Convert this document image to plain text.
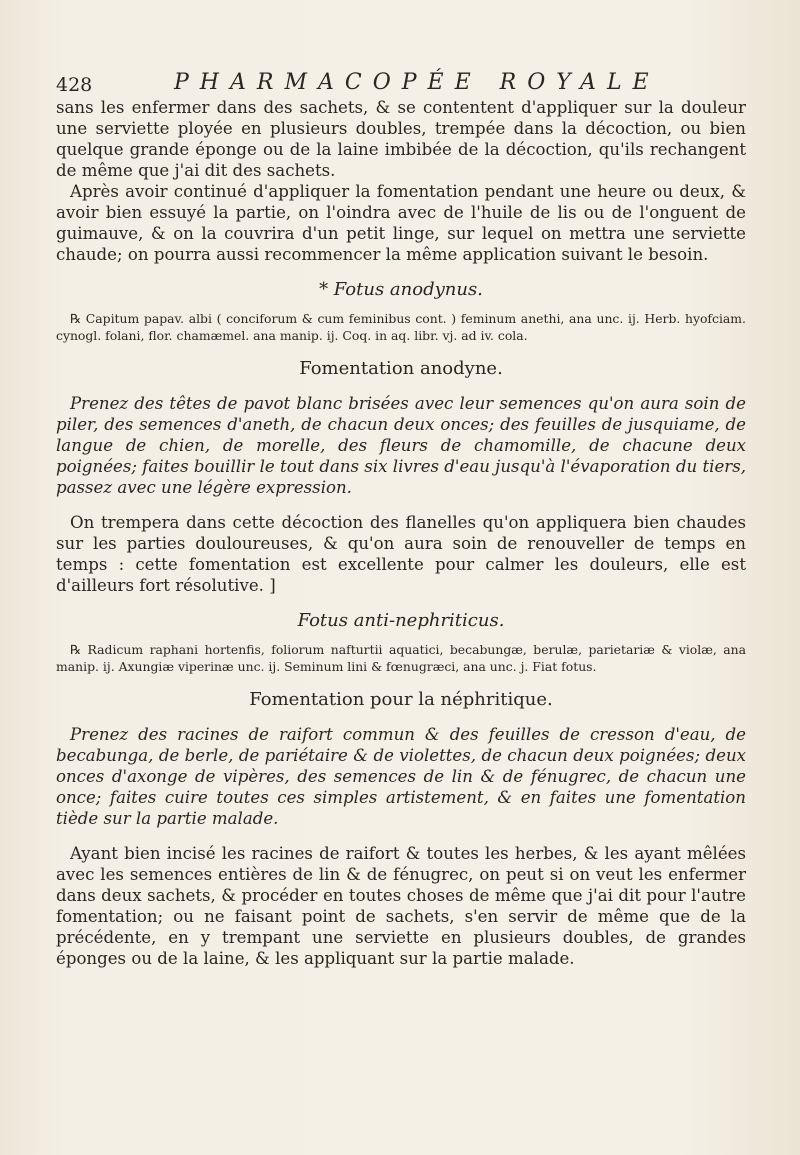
428	PHARMACOPÉE ROYALE

sans les enfermer dans des sachets, & se contentent d'appliquer sur la douleur une serviette ployée en plusieurs doubles, trempée dans la décoction, ou bien quelque grande éponge ou de la laine imbibée de la décoction, qu'ils rechangent de même que j'ai dit des sachets.

Après avoir continué d'appliquer la fomentation pendant une heure ou deux, & avoir bien essuyé la partie, on l'oindra avec de l'huile de lis ou de l'onguent de guimauve, & on la couvrira d'un petit linge, sur lequel on mettra une serviette chaude; on pourra aussi recommencer la même application suivant le besoin.

* Fotus anodynus.

℞ Capitum papav. albi ( conciforum & cum feminibus cont. ) feminum anethi, ana unc. ij. Herb. hyofciam. cynogl. folani, flor. chamæmel. ana manip. ij. Coq. in aq. libr. vj. ad iv. cola.

Fomentation anodyne.

Prenez des têtes de pavot blanc brisées avec leur semences qu'on aura soin de piler, des semences d'aneth, de chacun deux onces; des feuilles de jusquiame, de langue de chien, de morelle, des fleurs de chamomille, de chacune deux poignées; faites bouillir le tout dans six livres d'eau jusqu'à l'évaporation du tiers, passez avec une légère expression.

On trempera dans cette décoction des flanelles qu'on appliquera bien chaudes sur les parties douloureuses, & qu'on aura soin de renouveller de temps en temps : cette fomentation est excellente pour calmer les douleurs, elle est d'ailleurs fort résolutive. ]

Fotus anti-nephriticus.

℞ Radicum raphani hortenfis, foliorum nafturtii aquatici, becabungæ, berulæ, parietariæ & violæ, ana manip. ij. Axungiæ viperinæ unc. ij. Seminum lini & fœnugræci, ana unc. j. Fiat fotus.

Fomentation pour la néphritique.

Prenez des racines de raifort commun & des feuilles de cresson d'eau, de becabunga, de berle, de pariétaire & de violettes, de chacun deux poignées; deux onces d'axonge de vipères, des semences de lin & de fénugrec, de chacun une once; faites cuire toutes ces simples artistement, & en faites une fomentation tiède sur la partie malade.

Ayant bien incisé les racines de raifort & toutes les herbes, & les ayant mêlées avec les semences entières de lin & de fénugrec, on peut si on veut les enfermer dans deux sachets, & procéder en toutes choses de même que j'ai dit pour l'autre fomentation; ou ne faisant point de sachets, s'en servir de même que de la précédente, en y trempant une serviette en plusieurs doubles, de grandes éponges ou de la laine, & les appliquant sur la partie malade.
